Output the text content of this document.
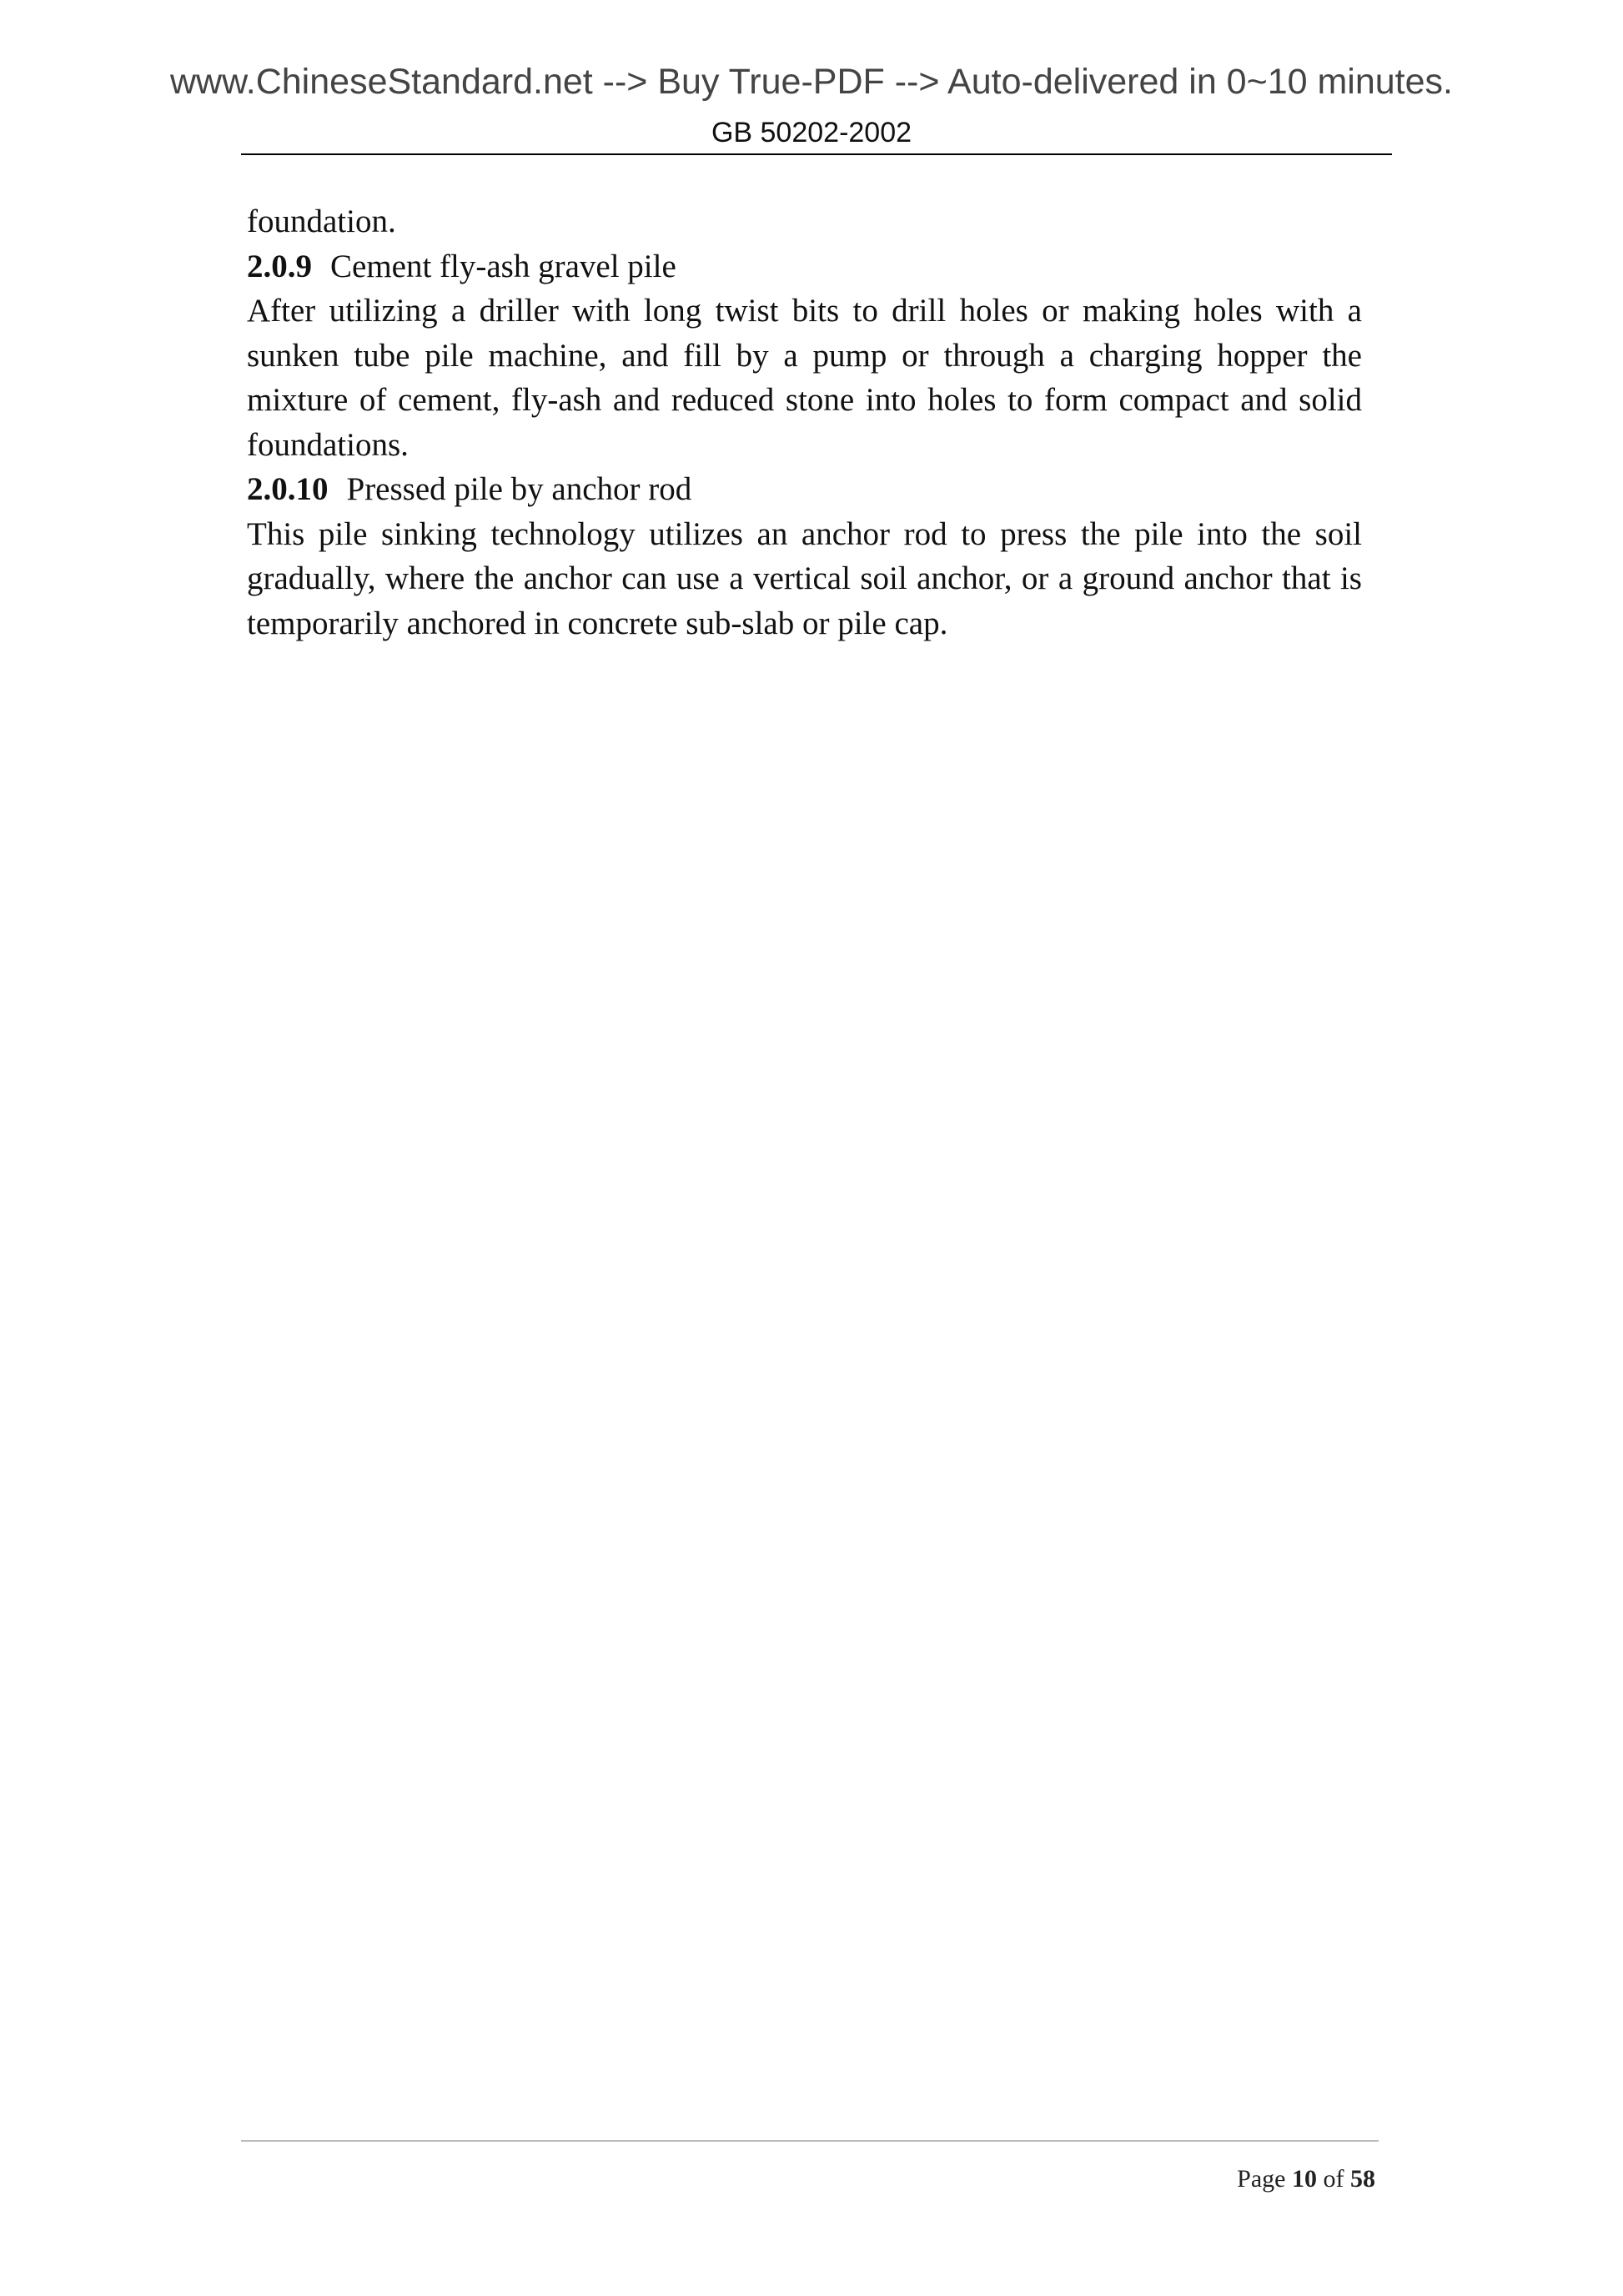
www.ChineseStandard.net --> Buy True-PDF --> Auto-delivered in 0~10 minutes.
GB 50202-2002

foundation.

2.0.9 Cement fly-ash gravel pile

After utilizing a driller with long twist bits to drill holes or making holes with a sunken tube pile machine, and fill by a pump or through a charging hopper the mixture of cement, fly-ash and reduced stone into holes to form compact and solid foundations.

2.0.10 Pressed pile by anchor rod

This pile sinking technology utilizes an anchor rod to press the pile into the soil gradually, where the anchor can use a vertical soil anchor, or a ground anchor that is temporarily anchored in concrete sub-slab or pile cap.

Page 10 of 58
